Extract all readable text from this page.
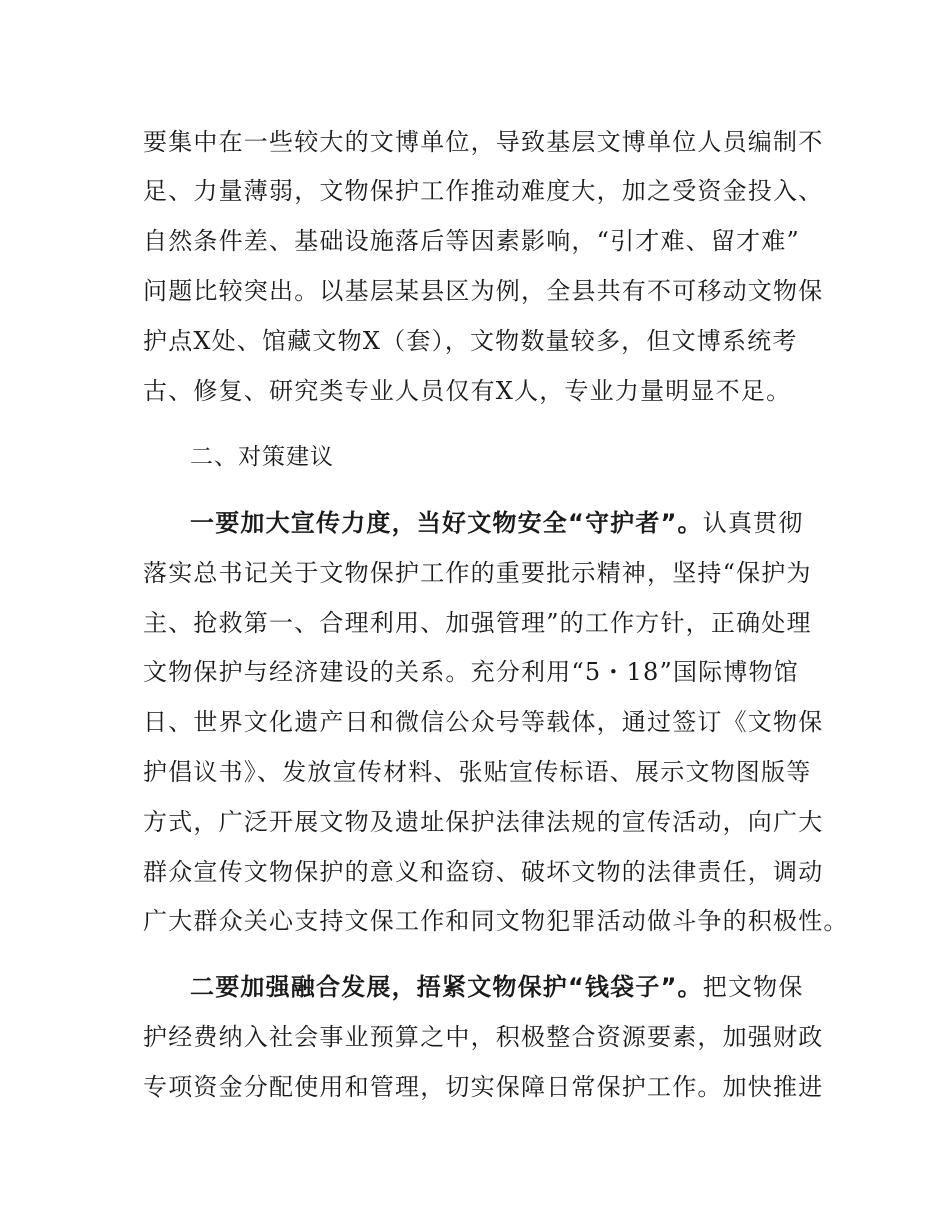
要集中在一些较大的文博单位，导致基层文博单位人员编制不
足、力量薄弱，文物保护工作推动难度大，加之受资金投入、
自然条件差、基础设施落后等因素影响，“引才难、留才难”
问题比较突出。以基层某县区为例，全县共有不可移动文物保
护点X处、馆藏文物X（套），文物数量较多，但文博系统考
古、修复、研究类专业人员仅有X人，专业力量明显不足。
二、对策建议
一要加大宣传力度，当好文物安全“守护者”。认真贯彻
落实总书记关于文物保护工作的重要批示精神，坚持“保护为
主、抢救第一、合理利用、加强管理”的工作方针，正确处理
文物保护与经济建设的关系。充分利用“5・18”国际博物馆
日、世界文化遗产日和微信公众号等载体，通过签订《文物保
护倡议书》、发放宣传材料、张贴宣传标语、展示文物图版等
方式，广泛开展文物及遗址保护法律法规的宣传活动，向广大
群众宣传文物保护的意义和盗窃、破坏文物的法律责任，调动
广大群众关心支持文保工作和同文物犯罪活动做斗争的积极性。
二要加强融合发展，捂紧文物保护“钱袋子”。把文物保
护经费纳入社会事业预算之中，积极整合资源要素，加强财政
专项资金分配使用和管理，切实保障日常保护工作。加快推进
